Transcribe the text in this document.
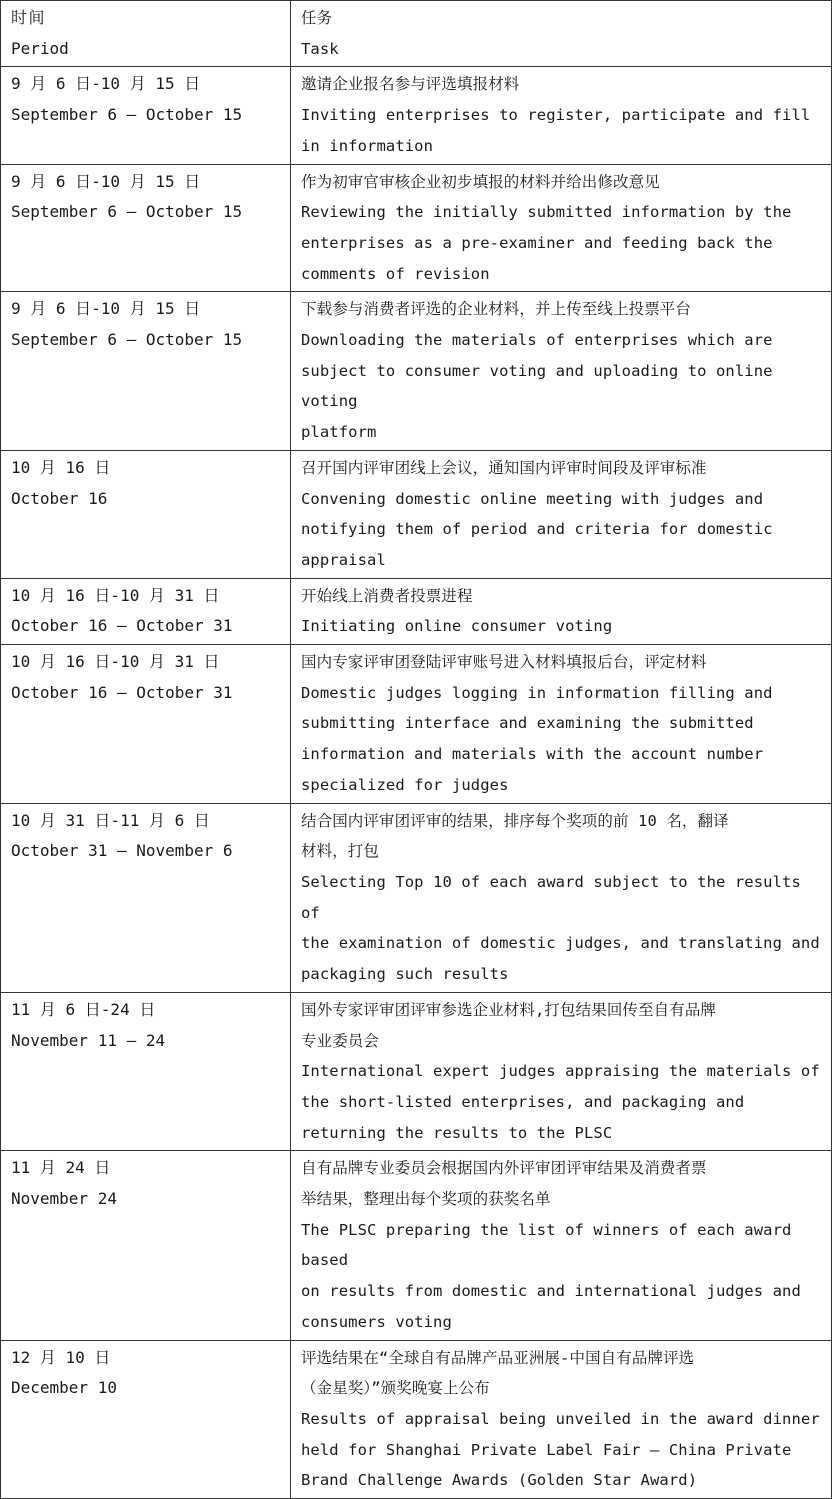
时间
Period	任务
Task

9 月 6 日-10 月 15 日
September 6 – October 15	邀请企业报名参与评选填报材料
Inviting enterprises to register, participate and fill
in information

9 月 6 日-10 月 15 日
September 6 – October 15	作为初审官审核企业初步填报的材料并给出修改意见
Reviewing the initially submitted information by the
enterprises as a pre-examiner and feeding back the
comments of revision

9 月 6 日-10 月 15 日
September 6 – October 15	下载参与消费者评选的企业材料，并上传至线上投票平台
Downloading the materials of enterprises which are
subject to consumer voting and uploading to online voting
platform

10 月 16 日
October 16	召开国内评审团线上会议，通知国内评审时间段及评审标准
Convening domestic online meeting with judges and
notifying them of period and criteria for domestic
appraisal

10 月 16 日-10 月 31 日
October 16 – October 31	开始线上消费者投票进程
Initiating online consumer voting

10 月 16 日-10 月 31 日
October 16 – October 31	国内专家评审团登陆评审账号进入材料填报后台，评定材料
Domestic judges logging in information filling and
submitting interface and examining the submitted
information and materials with the account number
specialized for judges

10 月 31 日-11 月 6 日
October 31 – November 6	结合国内评审团评审的结果，排序每个奖项的前 10 名，翻译
材料，打包
Selecting Top 10 of each award subject to the results of
the examination of domestic judges, and translating and
packaging such results

11 月 6 日-24 日
November 11 – 24	国外专家评审团评审参选企业材料,打包结果回传至自有品牌
专业委员会
International expert judges appraising the materials of
the short-listed enterprises, and packaging and
returning the results to the PLSC

11 月 24 日
November 24	自有品牌专业委员会根据国内外评审团评审结果及消费者票
举结果，整理出每个奖项的获奖名单
The PLSC preparing the list of winners of each award based
on results from domestic and international judges and
consumers voting

12 月 10 日
December 10	评选结果在“全球自有品牌产品亚洲展-中国自有品牌评选
（金星奖）”颁奖晚宴上公布
Results of appraisal being unveiled in the award dinner
held for Shanghai Private Label Fair – China Private
Brand Challenge Awards (Golden Star Award)
